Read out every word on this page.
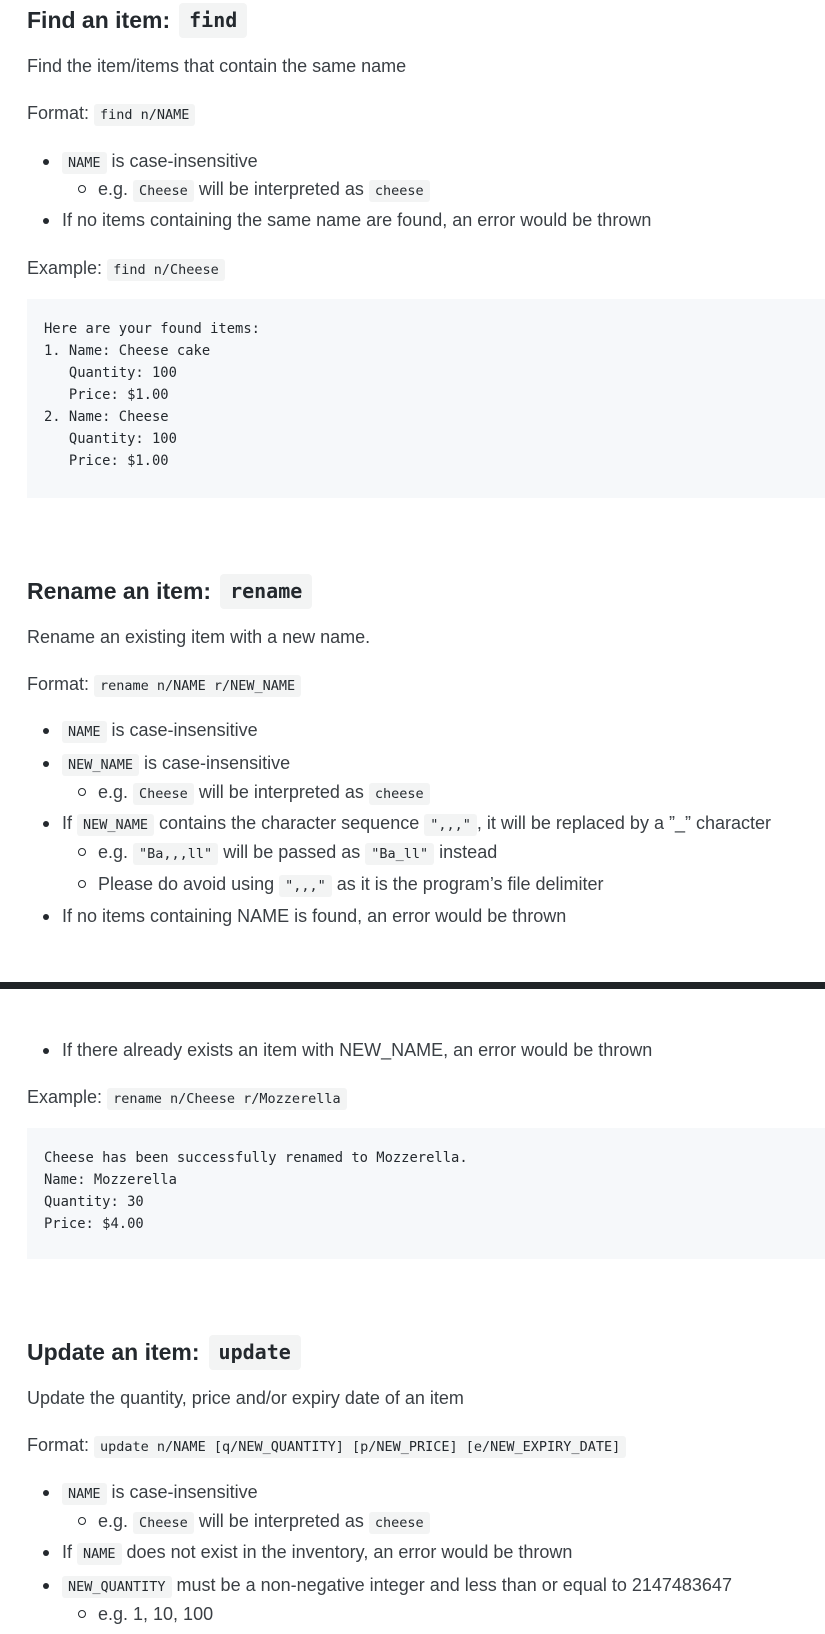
Find an item: find

Find the item/items that contain the same name

Format: find n/NAME

NAME is case-insensitive
e.g. Cheese will be interpreted as cheese
If no items containing the same name are found, an error would be thrown

Example: find n/Cheese

Here are your found items:
1. Name: Cheese cake
Quantity: 100
Price: $1.00
2. Name: Cheese
Quantity: 100
Price: $1.00
Rename an item: rename

Rename an existing item with a new name.

Format: rename n/NAME r/NEW_NAME

NAME is case-insensitive
NEW_NAME is case-insensitive
e.g. Cheese will be interpreted as cheese
If NEW_NAME contains the character sequence ",,," , it will be replaced by a ”_” character
e.g. "Ba,,,ll" will be passed as "Ba_ll" instead
Please do avoid using ",,," as it is the program’s file delimiter
If no items containing NAME is found, an error would be thrown
If there already exists an item with NEW_NAME, an error would be thrown

Example: rename n/Cheese r/Mozzerella

Cheese has been successfully renamed to Mozzerella.
Name: Mozzerella
Quantity: 30
Price: $4.00
Update an item: update

Update the quantity, price and/or expiry date of an item

Format: update n/NAME [q/NEW_QUANTITY] [p/NEW_PRICE] [e/NEW_EXPIRY_DATE]

NAME is case-insensitive
e.g. Cheese will be interpreted as cheese
If NAME does not exist in the inventory, an error would be thrown
NEW_QUANTITY must be a non-negative integer and less than or equal to 2147483647
e.g. 1, 10, 100
